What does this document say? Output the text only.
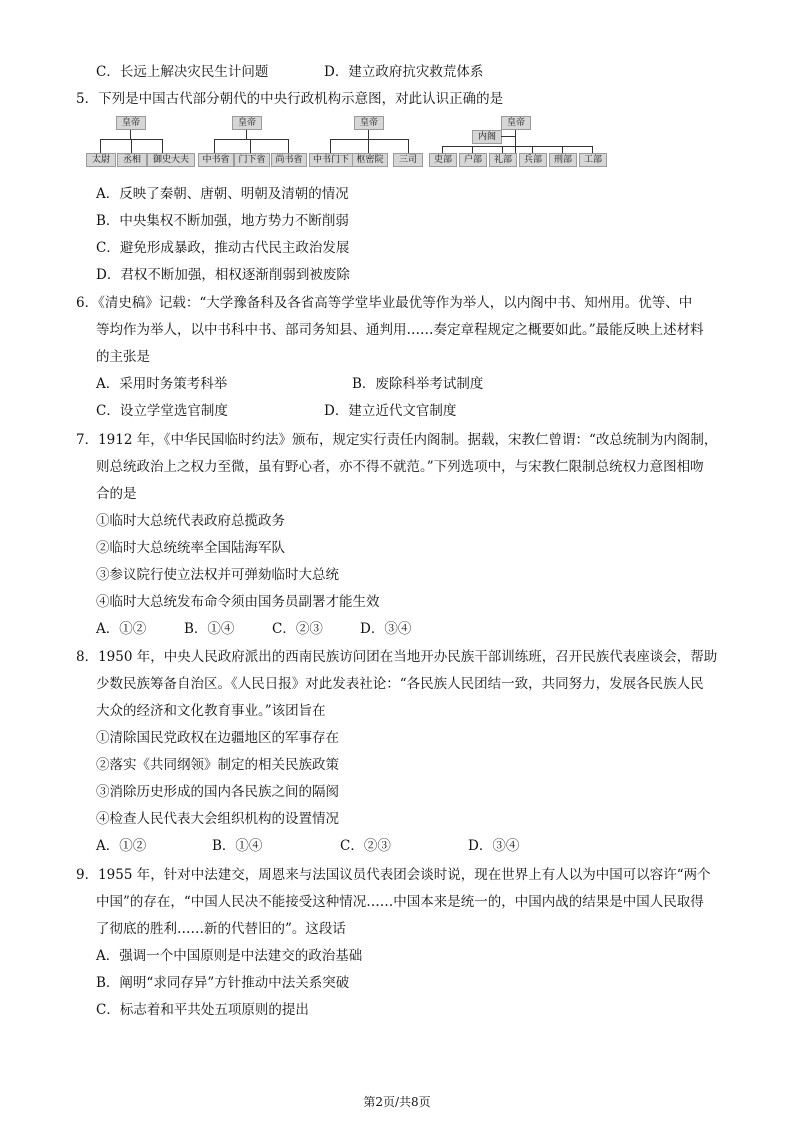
C．长远上解决灾民生计问题	D．建立政府抗灾救荒体系
5．下列是中国古代部分朝代的中央行政机构示意图，对此认识正确的是
皇帝
太尉	丞相	御史大夫
皇帝
中书省 门下省	尚书省
皇帝
中书门下 枢密院	三司
皇帝
内阁
吏部	户部	礼部	兵部	刑部	工部
A．反映了秦朝、唐朝、明朝及清朝的情况
B．中央集权不断加强，地方势力不断削弱
C．避免形成暴政，推动古代民主政治发展
D．君权不断加强，相权逐渐削弱到被废除
6．《清史稿》记载：“大学豫备科及各省高等学堂毕业最优等作为举人，以内阁中书、知州用。优等、中
等均作为举人，以中书科中书、部司务知县、通判用……奏定章程规定之概要如此。”最能反映上述材料
的主张是
A．采用时务策考科举	B．废除科举考试制度
C．设立学堂选官制度	D．建立近代文官制度
7．1912 年，《中华民国临时约法》颁布，规定实行责任内阁制。据载，宋教仁曾谓：“改总统制为内阁制，
则总统政治上之权力至微，虽有野心者，亦不得不就范。”下列选项中，与宋教仁限制总统权力意图相吻
合的是
①临时大总统代表政府总揽政务
②临时大总统统率全国陆海军队
③参议院行使立法权并可弹劾临时大总统
④临时大总统发布命令须由国务员副署才能生效
A．①②	B．①④	C．②③	D．③④
8．1950 年，中央人民政府派出的西南民族访问团在当地开办民族干部训练班，召开民族代表座谈会，帮助
少数民族筹备自治区。《人民日报》对此发表社论：“各民族人民团结一致，共同努力，发展各民族人民
大众的经济和文化教育事业。”该团旨在
①清除国民党政权在边疆地区的军事存在
②落实《共同纲领》制定的相关民族政策
③消除历史形成的国内各民族之间的隔阂
④检查人民代表大会组织机构的设置情况
A．①②	B．①④	C．②③	D．③④
9．1955 年，针对中法建交，周恩来与法国议员代表团会谈时说，现在世界上有人以为中国可以容许“两个
中国”的存在，“中国人民决不能接受这种情况……中国本来是统一的，中国内战的结果是中国人民取得
了彻底的胜利……新的代替旧的”。这段话
A．强调一个中国原则是中法建交的政治基础
B．阐明“求同存异”方针推动中法关系突破
C．标志着和平共处五项原则的提出
第2页/共8页
